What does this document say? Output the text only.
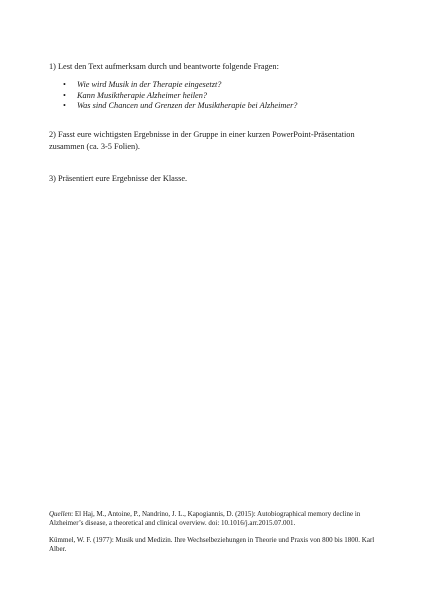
1) Lest den Text aufmerksam durch und beantworte folgende Fragen:

• Wie wird Musik in der Therapie eingesetzt?
• Kann Musiktherapie Alzheimer heilen?
• Was sind Chancen und Grenzen der Musiktherapie bei Alzheimer?

2) Fasst eure wichtigsten Ergebnisse in der Gruppe in einer kurzen PowerPoint-Präsentation zusammen (ca. 3-5 Folien).

3) Präsentiert eure Ergebnisse der Klasse.

Quellen: El Haj, M., Antoine, P., Nandrino, J. L., Kapogiannis, D. (2015): Autobiographical memory decline in Alzheimer’s disease, a theoretical and clinical overview. doi: 10.1016/j.arr.2015.07.001.

Kümmel, W. F. (1977): Musik und Medizin. Ihre Wechselbeziehungen in Theorie und Praxis von 800 bis 1800. Karl Alber.
